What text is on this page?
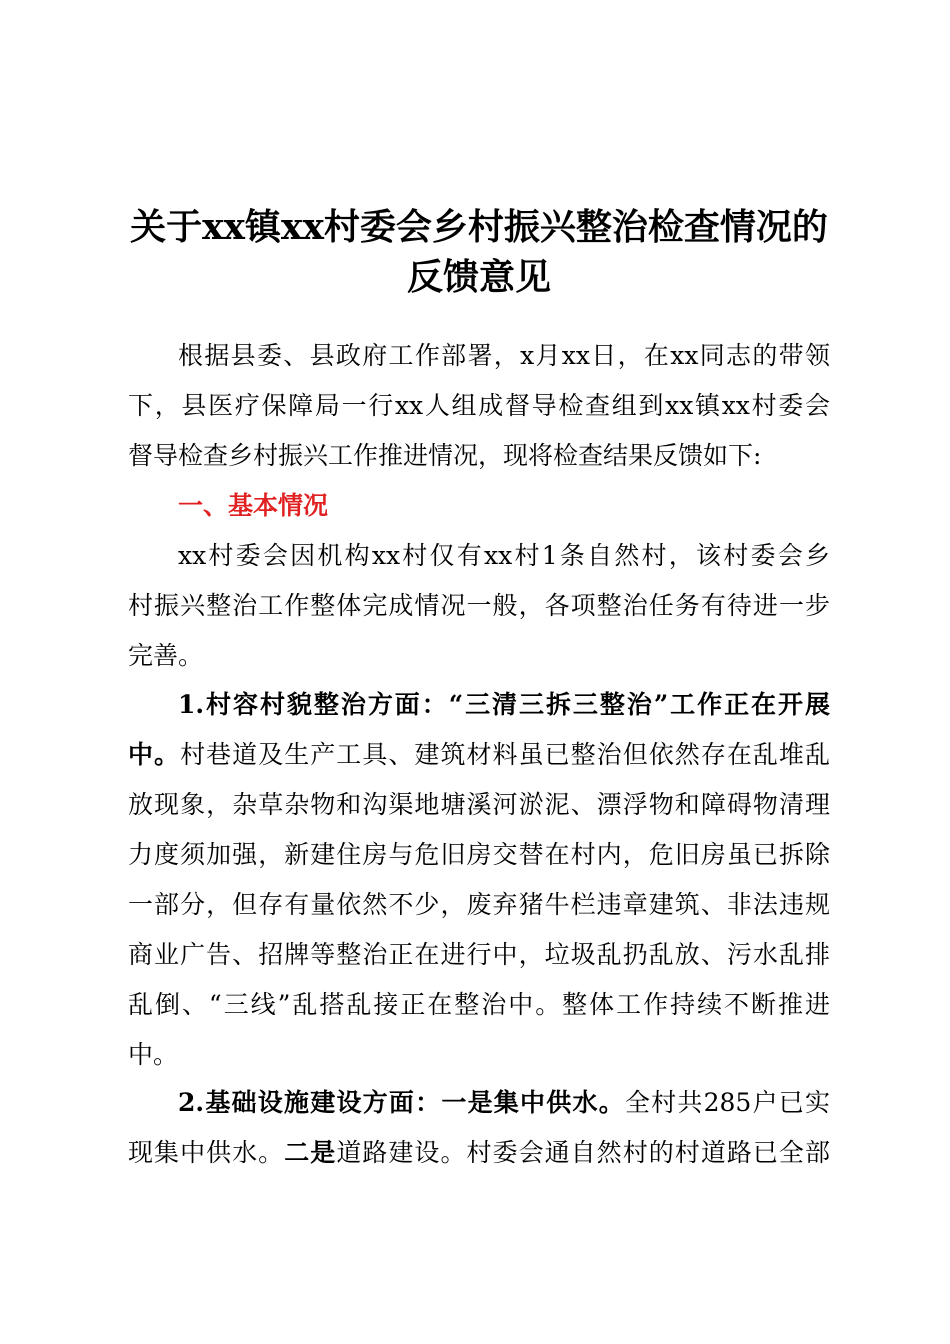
关于xx镇xx村委会乡村振兴整治检查情况的
反馈意见
根据县委、县政府工作部署，x月xx日，在xx同志的带领
下，县医疗保障局一行xx人组成督导检查组到xx镇xx村委会
督导检查乡村振兴工作推进情况，现将检查结果反馈如下:
一、基本情况
xx村委会因机构xx村仅有xx村1条自然村，该村委会乡
村振兴整治工作整体完成情况一般，各项整治任务有待进一步
完善。
1.村容村貌整治方面：“三清三拆三整治”工作正在开展
中。村巷道及生产工具、建筑材料虽已整治但依然存在乱堆乱
放现象，杂草杂物和沟渠地塘溪河淤泥、漂浮物和障碍物清理
力度须加强，新建住房与危旧房交替在村内，危旧房虽已拆除
一部分，但存有量依然不少，废弃猪牛栏违章建筑、非法违规
商业广告、招牌等整治正在进行中，垃圾乱扔乱放、污水乱排
乱倒、“三线”乱搭乱接正在整治中。整体工作持续不断推进
中。
2.基础设施建设方面：一是集中供水。全村共285户已实
现集中供水。二是道路建设。村委会通自然村的村道路已全部
